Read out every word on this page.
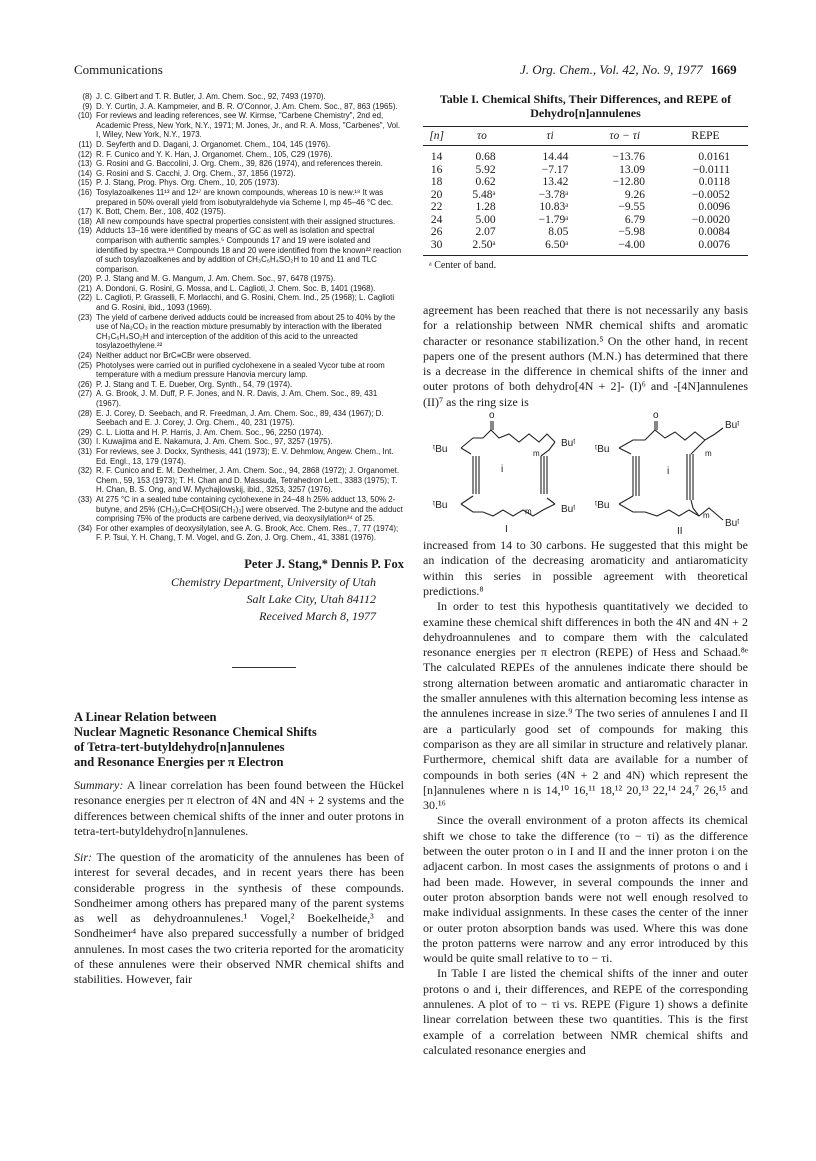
Communications	J. Org. Chem., Vol. 42, No. 9, 1977 1669
(8) J. C. Gilbert and T. R. Butler, J. Am. Chem. Soc., 92, 7493 (1970).
(9) D. Y. Curtin, J. A. Kampmeier, and B. R. O'Connor, J. Am. Chem. Soc., 87, 863 (1965).
(10) For reviews and leading references, see W. Kirmse, "Carbene Chemistry", 2nd ed, Academic Press, New York, N.Y., 1971; M. Jones, Jr., and R. A. Moss, "Carbenes", Vol. I, Wiley, New York, N.Y., 1973.
(11) D. Seyferth and D. Dagani, J. Organomet. Chem., 104, 145 (1976).
(12) R. F. Cunico and Y. K. Han, J. Organomet. Chem., 105, C29 (1976).
(13) G. Rosini and G. Baccolini, J. Org. Chem., 39, 826 (1974), and references therein.
(14) G. Rosini and S. Cacchi, J. Org. Chem., 37, 1856 (1972).
(15) P. J. Stang, Prog. Phys. Org. Chem., 10, 205 (1973).
(16) Tosylazoalkenes 11¹³ and 12¹⁷ are known compounds, whereas 10 is new.¹⁸ It was prepared in 50% overall yield from isobutyraldehyde via Scheme I, mp 45–46 °C dec.
(17) K. Bott, Chem. Ber., 108, 402 (1975).
(18) All new compounds have spectral properties consistent with their assigned structures.
(19) Adducts 13–16 were identified by means of GC as well as isolation and spectral comparison with authentic samples.⁵ Compounds 17 and 19 were isolated and identified by spectra.¹⁸ Compounds 18 and 20 were identified from the known²² reaction of such tosylazoalkenes and by addition of CH₃C₆H₄SO₂H to 10 and 11 and TLC comparison.
(20) P. J. Stang and M. G. Mangum, J. Am. Chem. Soc., 97, 6478 (1975).
(21) A. Dondoni, G. Rosini, G. Mossa, and L. Caglioti, J. Chem. Soc. B, 1401 (1968).
(22) L. Caglioti, P. Grasselli, F. Morlacchi, and G. Rosini, Chem. Ind., 25 (1968); L. Caglioti and G. Rosini, ibid., 1093 (1969).
(23) The yield of carbene derived adducts could be increased from about 25 to 40% by the use of Na₂CO₃ in the reaction mixture presumably by interaction with the liberated CH₃C₆H₄SO₂H and interception of the addition of this acid to the unreacted tosylazoethylene.²²
(24) Neither adduct nor BrC≡CBr were observed.
(25) Photolyses were carried out in purified cyclohexene in a sealed Vycor tube at room temperature with a medium pressure Hanovia mercury lamp.
(26) P. J. Stang and T. E. Dueber, Org. Synth., 54, 79 (1974).
(27) A. G. Brook, J. M. Duff, P. F. Jones, and N. R. Davis, J. Am. Chem. Soc., 89, 431 (1967).
(28) E. J. Corey, D. Seebach, and R. Freedman, J. Am. Chem. Soc., 89, 434 (1967); D. Seebach and E. J. Corey, J. Org. Chem., 40, 231 (1975).
(29) C. L. Liotta and H. P. Harris, J. Am. Chem. Soc., 96, 2250 (1974).
(30) I. Kuwajima and E. Nakamura, J. Am. Chem. Soc., 97, 3257 (1975).
(31) For reviews, see J. Dockx, Synthesis, 441 (1973); E. V. Dehmlow, Angew. Chem., Int. Ed. Engl., 13, 179 (1974).
(32) R. F. Cunico and E. M. Dexhelmer, J. Am. Chem. Soc., 94, 2868 (1972); J. Organomet. Chem., 59, 153 (1973); T. H. Chan and D. Massuda, Tetrahedron Lett., 3383 (1975); T. H. Chan, B. S. Ong, and W. Mychajlowskij, ibid., 3253, 3257 (1976).
(33) At 275 °C in a sealed tube containing cyclohexene in 24–48 h 25% adduct 13, 50% 2-butyne, and 25% (CH₃)₂C═CH[OSi(CH₃)₃] were observed. The 2-butyne and the adduct comprising 75% of the products are carbene derived, via deoxysilylation³⁴ of 25.
(34) For other examples of deoxysilylation, see A. G. Brook, Acc. Chem. Res., 7, 77 (1974); F. P. Tsui, Y. H. Chang, T. M. Vogel, and G. Zon, J. Org. Chem., 41, 3381 (1976).
Peter J. Stang,* Dennis P. Fox
Chemistry Department, University of Utah
Salt Lake City, Utah 84112
Received March 8, 1977
A Linear Relation between
Nuclear Magnetic Resonance Chemical Shifts
of Tetra-tert-butyldehydro[n]annulenes
and Resonance Energies per π Electron
Summary: A linear correlation has been found between the Hückel resonance energies per π electron of 4N and 4N + 2 systems and the differences between chemical shifts of the inner and outer protons in tetra-tert-butyldehydro[n]annulenes.
Sir: The question of the aromaticity of the annulenes has been of interest for several decades, and in recent years there has been considerable progress in the synthesis of these compounds. Sondheimer among others has prepared many of the parent systems as well as dehydroannulenes.¹ Vogel,² Boekelheide,³ and Sondheimer⁴ have also prepared successfully a number of bridged annulenes. In most cases the two criteria reported for the aromaticity of these annulenes were their observed NMR chemical shifts and stabilities. However, fair
Table I. Chemical Shifts, Their Differences, and REPE of
Dehydro[n]annulenes
[n]	τo	τi	τo − τi	REPE
14	0.68	14.44	−13.76	0.0161
16	5.92	−7.17	13.09	−0.0111
18	0.62	13.42	−12.80	0.0118
20	5.48ᵃ	−3.78ᵃ	9.26	−0.0052
22	1.28	10.83ᵃ	−9.55	0.0096
24	5.00	−1.79ᵃ	6.79	−0.0020
26	2.07	8.05	−5.98	0.0084
30	2.50ᵃ	6.50ᵃ	−4.00	0.0076
ᵃ Center of band.

agreement has been reached that there is not necessarily any basis for a relationship between NMR chemical shifts and aromatic character or resonance stabilization.⁵ On the other hand, in recent papers one of the present authors (M.N.) has determined that there is a decrease in the difference in chemical shifts of the inner and outer protons of both dehydro[4N + 2]- (I)⁶ and -[4N]annulenes (II)⁷ as the ring size is

ᵗBu
Buᵗ
ᵗBu	Buᵗ
o
i
m
m
ᵗBu
Buᵗ
ᵗBu
Buᵗ
o
i
m
m
I	II

increased from 14 to 30 carbons. He suggested that this might be an indication of the decreasing aromaticity and antiaromaticity within this series in possible agreement with theoretical predictions.⁸

In order to test this hypothesis quantitatively we decided to examine these chemical shift differences in both the 4N and 4N + 2 dehydroannulenes and to compare them with the calculated resonance energies per π electron (REPE) of Hess and Schaad.⁸ᵉ The calculated REPEs of the annulenes indicate there should be strong alternation between aromatic and antiaromatic character in the smaller annulenes with this alternation becoming less intense as the annulenes increase in size.⁹ The two series of annulenes I and II are a particularly good set of compounds for making this comparison as they are all similar in structure and relatively planar. Furthermore, chemical shift data are available for a number of compounds in both series (4N + 2 and 4N) which represent the [n]annulenes where n is 14,¹⁰ 16,¹¹ 18,¹² 20,¹³ 22,¹⁴ 24,⁷ 26,¹⁵ and 30.¹⁶

Since the overall environment of a proton affects its chemical shift we chose to take the difference (τo − τi) as the difference between the outer proton o in I and II and the inner proton i on the adjacent carbon. In most cases the assignments of protons o and i had been made. However, in several compounds the inner and outer proton absorption bands were not well enough resolved to make individual assignments. In these cases the center of the inner or outer proton absorption bands was used. Where this was done the proton patterns were narrow and any error introduced by this would be quite small relative to τo − τi.

In Table I are listed the chemical shifts of the inner and outer protons o and i, their differences, and REPE of the corresponding annulenes. A plot of τo − τi vs. REPE (Figure 1) shows a definite linear correlation between these two quantities. This is the first example of a correlation between NMR chemical shifts and calculated resonance energies and
